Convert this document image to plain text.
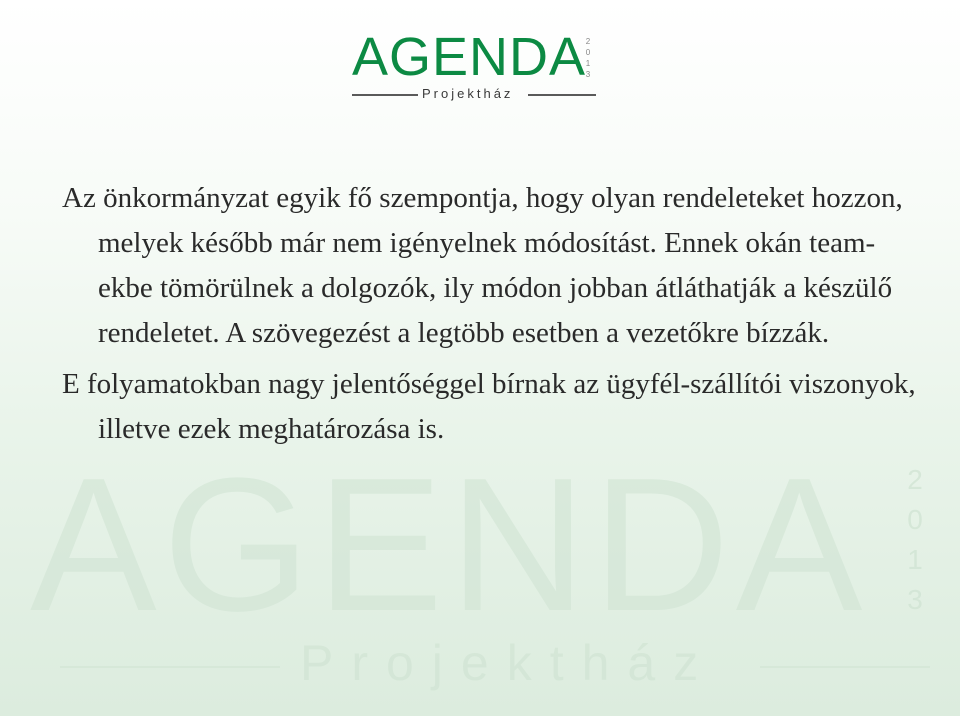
AGENDA 2013
Projektház
AGENDA 2013
Projektház

Az önkormányzat egyik fő szempontja, hogy olyan rendeleteket hozzon, melyek később már nem igényelnek módosítást. Ennek okán team-ekbe tömörülnek a dolgozók, ily módon jobban átláthatják a készülő rendeletet. A szövegezést a legtöbb esetben a vezetőkre bízzák.

E folyamatokban nagy jelentőséggel bírnak az ügyfél-szállítói viszonyok, illetve ezek meghatározása is.
